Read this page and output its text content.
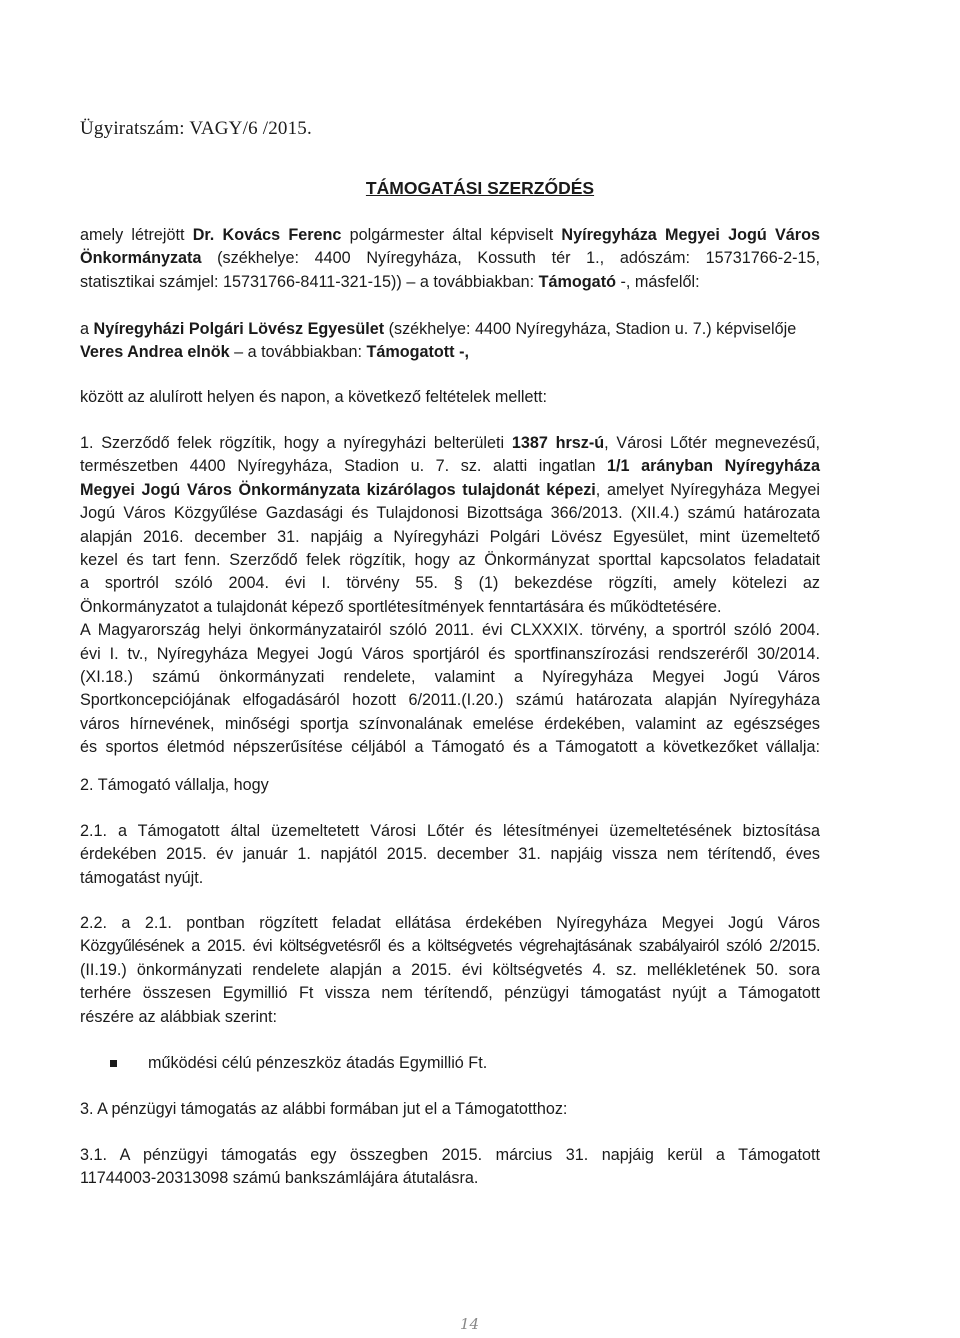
Ügyiratszám: VAGY/6 /2015.
TÁMOGATÁSI SZERZŐDÉS

amely létrejött Dr. Kovács Ferenc polgármester által képviselt Nyíregyháza Megyei Jogú Város
Önkormányzata (székhelye: 4400 Nyíregyháza, Kossuth tér 1., adószám: 15731766-2-15,
statisztikai számjel: 15731766-8411-321-15)) – a továbbiakban: Támogató -, másfelől:

a Nyíregyházi Polgári Lövész Egyesület (székhelye: 4400 Nyíregyháza, Stadion u. 7.) képviselője
Veres Andrea elnök – a továbbiakban: Támogatott -,

között az alulírott helyen és napon, a következő feltételek mellett:

1. Szerződő felek rögzítik, hogy a nyíregyházi belterületi 1387 hrsz-ú, Városi Lőtér megnevezésű,
természetben 4400 Nyíregyháza, Stadion u. 7. sz. alatti ingatlan 1/1 arányban Nyíregyháza
Megyei Jogú Város Önkormányzata kizárólagos tulajdonát képezi, amelyet Nyíregyháza Megyei
Jogú Város Közgyűlése Gazdasági és Tulajdonosi Bizottsága 366/2013. (XII.4.) számú határozata
alapján 2016. december 31. napjáig a Nyíregyházi Polgári Lövész Egyesület, mint üzemeltető
kezel és tart fenn. Szerződő felek rögzítik, hogy az Önkormányzat sporttal kapcsolatos feladatait
a sportról szóló 2004. évi I. törvény 55. § (1) bekezdése rögzíti, amely kötelezi az
Önkormányzatot a tulajdonát képező sportlétesítmények fenntartására és működtetésére.
A Magyarország helyi önkormányzatairól szóló 2011. évi CLXXXIX. törvény, a sportról szóló 2004.
évi I. tv., Nyíregyháza Megyei Jogú Város sportjáról és sportfinanszírozási rendszeréről 30/2014.
(XI.18.) számú önkormányzati rendelete, valamint a Nyíregyháza Megyei Jogú Város
Sportkoncepciójának elfogadásáról hozott 6/2011.(I.20.) számú határozata alapján Nyíregyháza
város hírnevének, minőségi sportja színvonalának emelése érdekében, valamint az egészséges
és sportos életmód népszerűsítése céljából a Támogató és a Támogatott a következőket vállalja:

2. Támogató vállalja, hogy

2.1. a Támogatott által üzemeltetett Városi Lőtér és létesítményei üzemeltetésének biztosítása
érdekében 2015. év január 1. napjától 2015. december 31. napjáig vissza nem térítendő, éves
támogatást nyújt.

2.2. a 2.1. pontban rögzített feladat ellátása érdekében Nyíregyháza Megyei Jogú Város
Közgyűlésének a 2015. évi költségvetésről és a költségvetés végrehajtásának szabályairól szóló 2/2015.
(II.19.) önkormányzati rendelete alapján a 2015. évi költségvetés 4. sz. mellékletének 50. sora
terhére összesen Egymillió Ft vissza nem térítendő, pénzügyi támogatást nyújt a Támogatott
részére az alábbiak szerint:

működési célú pénzeszköz átadás Egymillió Ft.

3. A pénzügyi támogatás az alábbi formában jut el a Támogatotthoz:

3.1. A pénzügyi támogatás egy összegben 2015. március 31. napjáig kerül a Támogatott
11744003-20313098 számú bankszámlájára átutalásra.

14
